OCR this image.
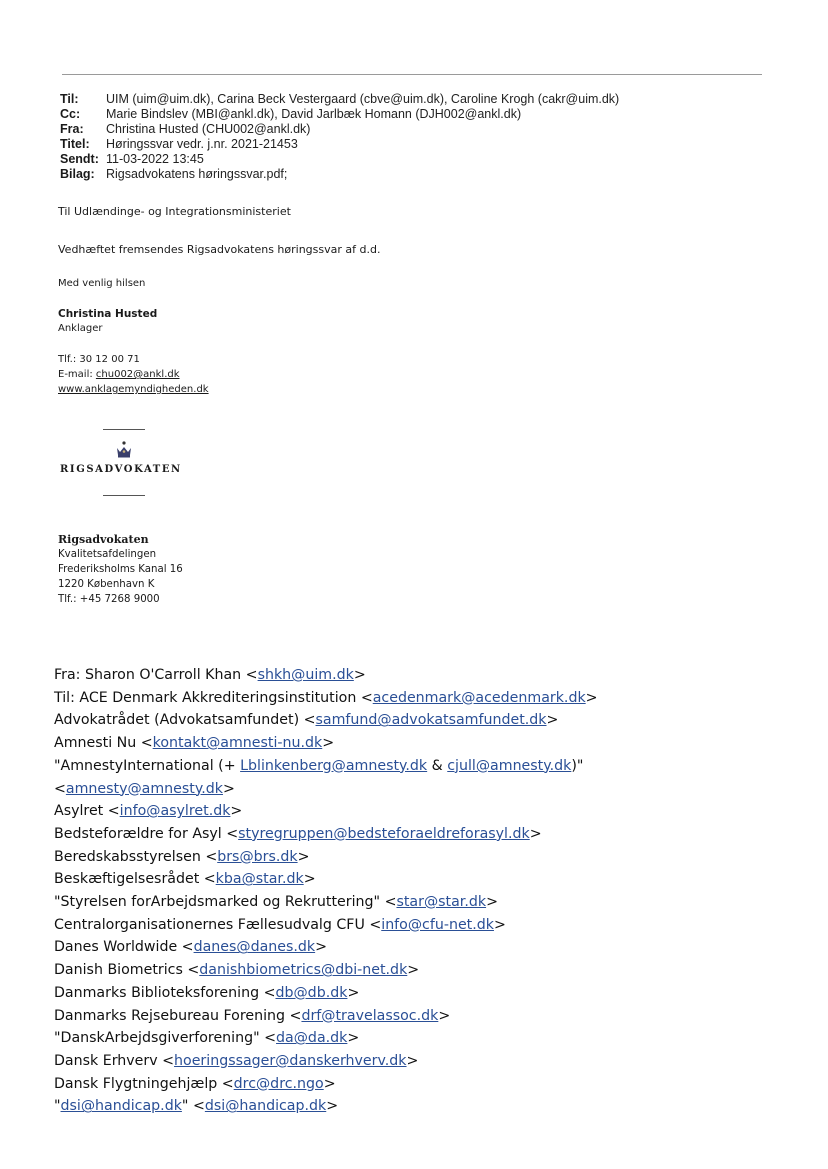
Til:	UIM (uim@uim.dk), Carina Beck Vestergaard (cbve@uim.dk), Caroline Krogh (cakr@uim.dk)
Cc:	Marie Bindslev (MBI@ankl.dk), David Jarlbæk Homann (DJH002@ankl.dk)
Fra:	Christina Husted (CHU002@ankl.dk)
Titel:	Høringssvar vedr. j.nr. 2021-21453
Sendt: 11-03-2022 13:45
Bilag: Rigsadvokatens høringssvar.pdf;
Til Udlændinge- og Integrationsministeriet
Vedhæftet fremsendes Rigsadvokatens høringssvar af d.d.
Med venlig hilsen
Christina Husted
Anklager
Tlf.: 30 12 00 71
E-mail: chu002@ankl.dk
www.anklagemyndigheden.dk
RIGSADVOKATEN
Rigsadvokaten
Kvalitetsafdelingen
Frederiksholms Kanal 16
1220 København K
Tlf.: +45 7268 9000
Fra: Sharon O'Carroll Khan <shkh@uim.dk>
Til: ACE Denmark Akkrediteringsinstitution <acedenmark@acedenmark.dk>
Advokatrådet (Advokatsamfundet) <samfund@advokatsamfundet.dk>
Amnesti Nu <kontakt@amnesti-nu.dk>
"AmnestyInternational (+ Lblinkenberg@amnesty.dk & cjull@amnesty.dk)"
<amnesty@amnesty.dk>
Asylret <info@asylret.dk>
Bedsteforældre for Asyl <styregruppen@bedsteforaeldreforasyl.dk>
Beredskabsstyrelsen <brs@brs.dk>
Beskæftigelsesrådet <kba@star.dk>
"Styrelsen forArbejdsmarked og Rekruttering" <star@star.dk>
Centralorganisationernes Fællesudvalg CFU <info@cfu-net.dk>
Danes Worldwide <danes@danes.dk>
Danish Biometrics <danishbiometrics@dbi-net.dk>
Danmarks Biblioteksforening <db@db.dk>
Danmarks Rejsebureau Forening <drf@travelassoc.dk>
"DanskArbejdsgiverforening" <da@da.dk>
Dansk Erhverv <hoeringssager@danskerhverv.dk>
Dansk Flygtningehjælp <drc@drc.ngo>
"dsi@handicap.dk" <dsi@handicap.dk>
